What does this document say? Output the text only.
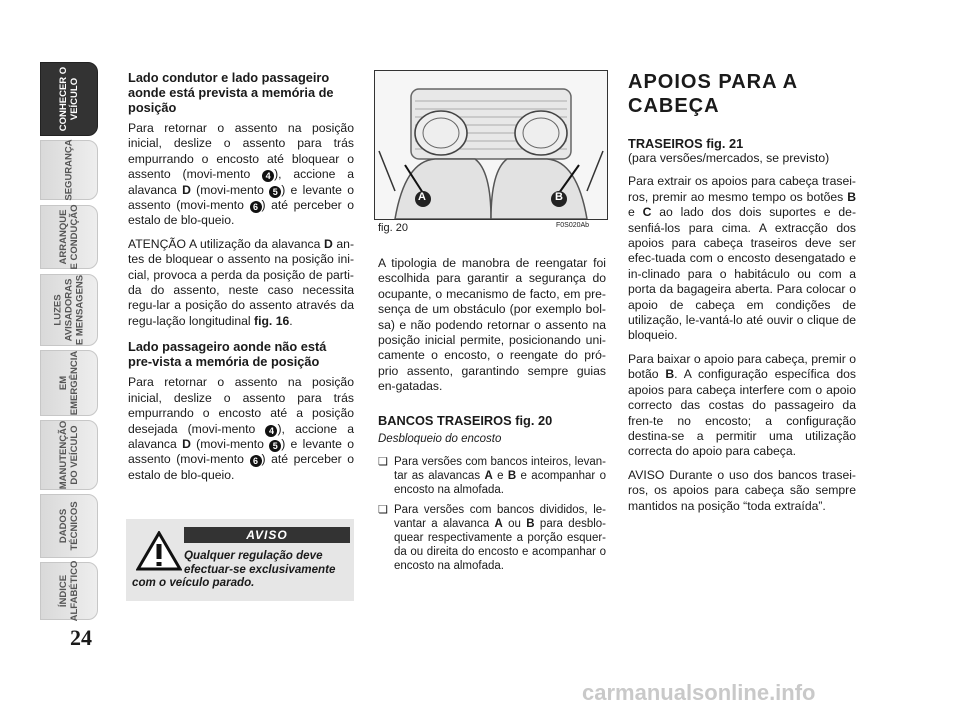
CONHECER O
VEÍCULO
SEGURANÇA
ARRANQUE
E CONDUÇÃO
LUZES
AVISADORAS
E MENSAGENS
EM
EMERGÊNCIA
MANUTENÇÃO
DO VEÍCULO
DADOS
TÉCNICOS
ÍNDICE
ALFABÉTICO
24
Lado condutor e lado passageiro aonde está prevista a memória de posição

Para retornar o assento na posição inicial, deslize o assento para trás empurrando o encosto até bloquear o assento (movi-mento 4 ), accione a alavanca D (movi-mento 5 ) e levante o assento (movi-mento 6 ) até perceber o estalo de blo-queio.

ATENÇÃO A utilização da alavanca D an-tes de bloquear o assento na posição ini-cial, provoca a perda da posição de parti-da do assento, neste caso necessita regu-lar a posição do assento através da regu-lação longitudinal fig. 16.

Lado passageiro aonde não está pre-vista a memória de posição

Para retornar o assento na posição inicial, deslize o assento para trás empurrando o encosto até a posição desejada (movi-mento 4 ), accione a alavanca D (movi-mento 5 ) e levante o assento (movi-mento 6 ) até perceber o estalo de blo-queio.

AVISO
Qualquer regulação deve
efectuar-se exclusivamente
com o veículo parado.
A	B
fig. 20	F0S020Ab

A tipologia de manobra de reengatar foi escolhida para garantir a segurança do ocupante, o mecanismo de facto, em pre-sença de um obstáculo (por exemplo bol-sa) e não podendo retornar o assento na posição inicial permite, posicionando uni-camente o encosto, o reengate do pró-prio assento, garantindo sempre guias en-gatadas.

BANCOS TRASEIROS fig. 20

Desbloqueio do encosto

❏ Para versões com bancos inteiros, levan-tar as alavancas A e B e acompanhar o encosto na almofada.
❏ Para versões com bancos divididos, le-vantar a alavanca A ou B para desblo-quear respectivamente a porção esquer-da ou direita do encosto e acompanhar o encosto na almofada.
APOIOS PARA A CABEÇA
TRASEIROS fig. 21

(para versões/mercados, se previsto)

Para extrair os apoios para cabeça trasei-ros, premir ao mesmo tempo os botões B e C ao lado dos dois suportes e de-senfiá-los para cima. A extracção dos apoios para cabeça traseiros deve ser efec-tuada com o encosto desengatado e in-clinado para o habitáculo ou com a porta da bagageira aberta. Para colocar o apoio de cabeça em condições de utilização, le-vantá-lo até ouvir o clique de bloqueio.

Para baixar o apoio para cabeça, premir o botão B. A configuração específica dos apoios para cabeça interfere com o apoio correcto das costas do passageiro da fren-te no encosto; a configuração destina-se a permitir uma utilização correcta do apoio para cabeça.

AVISO Durante o uso dos bancos trasei-ros, os apoios para cabeça são sempre mantidos na posição “toda extraída”.

carmanualsonline.info
